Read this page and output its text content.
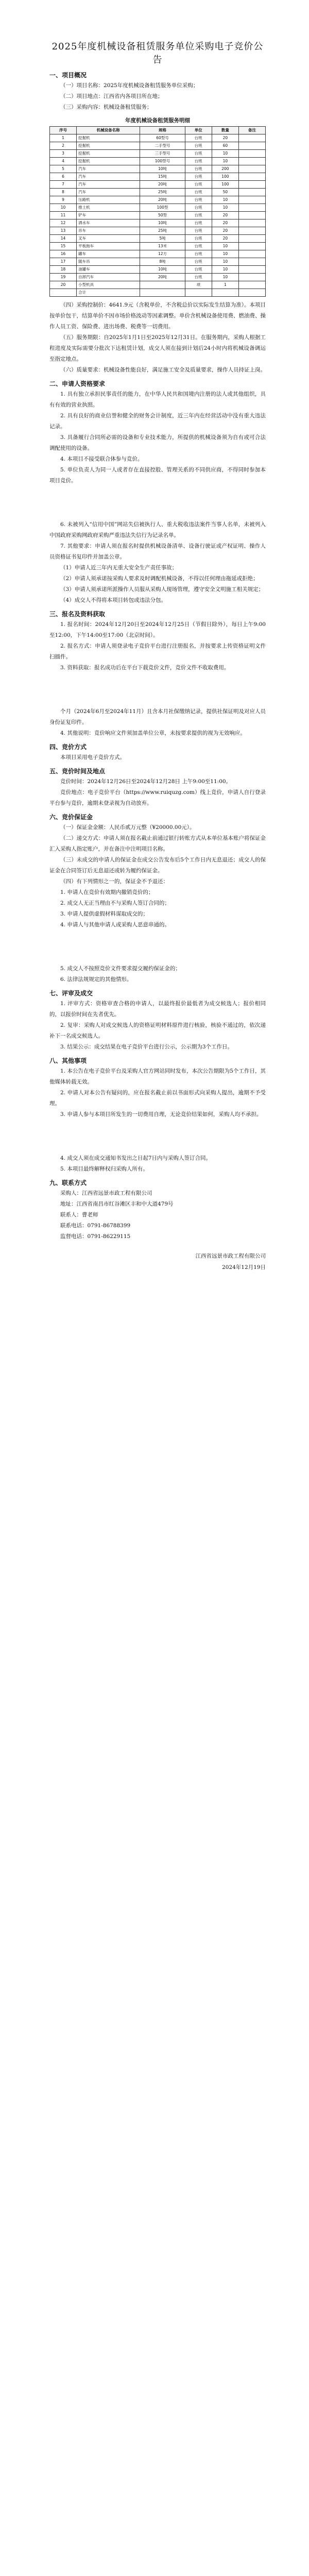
2025年度机械设备租赁服务单位采购电子竞价公告

一、项目概况

（一）项目名称：2025年度机械设备租赁服务单位采购；

（二）项目地点：江西省内各项目所在地；

（三）采购内容：机械设备租赁服务；

年度机械设备租赁服务明细
序号	机械设备名称	规格	单位	数量	备注
1	挖掘机	60型号	台班	20	
2	挖掘机	二手型号	台班	60	
3	挖掘机	三手型号	台班	10	
4	挖掘机	100型号	台班	10	
5	汽车	10吨	台班	200	
6	汽车	15吨	台班	100	
7	汽车	20吨	台班	100	
8	汽车	25吨	台班	50	
9	压路机	20吨	台班	10	
10	推土机	100型	台班	10	
11	铲车	50型	台班	20	
12	洒水车	10吨	台班	20	
13	吊车	25吨	台班	20	
14	叉车	5吨	台班	20	
15	平板拖车	13米	台班	10	
16	罐车	12方	台班	10	
17	随车吊	8吨	台班	10	
18	油罐车	10吨	台班	10	
19	自卸汽车	20吨	台班	10	
20	小型机具		项	1	
	合计				

（四）采购控制价：4641.9元（含税单价，不含税总价以实际发生结算为准）。本项目按单价包干，结算单价不因市场价格波动等因素调整。单价含机械设备使用费、燃油费、操作人员工资、保险费、进出场费、税费等一切费用。

（五）服务期限：自2025年1月1日至2025年12月31日。在服务期内，采购人根据工程进度及实际需要分批次下达租赁计划，成交人须在接到计划后24小时内将机械设备调运至指定地点。

（六）质量要求：机械设备性能良好，满足施工安全及质量要求，操作人员持证上岗。

二、申请人资格要求

1. 具有独立承担民事责任的能力，在中华人民共和国境内注册的法人或其他组织，具有有效的营业执照。

2. 具有良好的商业信誉和健全的财务会计制度，近三年内在经营活动中没有重大违法记录。

3. 具备履行合同所必需的设备和专业技术能力，所提供的机械设备须为自有或可合法调配使用的设备。

4. 本项目不接受联合体参与竞价。

5. 单位负责人为同一人或者存在直接控股、管理关系的不同供应商，不得同时参加本项目竞价。

6. 未被列入“信用中国”网站失信被执行人、重大税收违法案件当事人名单，未被列入中国政府采购网政府采购严重违法失信行为记录名单。

7. 其他要求：申请人须在报名时提供机械设备清单、设备行驶证或产权证明、操作人员资格证书复印件并加盖公章。

（1）申请人近三年内无重大安全生产责任事故；

（2）申请人须承诺按采购人要求及时调配机械设备，不得以任何理由拖延或拒绝；

（3）申请人须承诺所派操作人员服从采购人现场管理，遵守安全文明施工相关规定；

（4）成交人不得将本项目转包或违法分包。

三、报名及资料获取

1. 报名时间：2024年12月20日至2024年12月25日（节假日除外），每日上午9:00至12:00，下午14:00至17:00（北京时间）。

2. 报名方式：申请人须登录电子竞价平台进行注册报名，并按要求上传资格证明文件扫描件。

3. 资料获取：报名成功后在平台下载竞价文件，竞价文件不收取费用。

个月（2024年6月至2024年11月）且含本月社保缴纳记录，提供社保证明及对应人员身份证复印件。

4. 其他说明：竞价响应文件须加盖单位公章，未按要求提供的视为无效响应。

四、竞价方式

本项目采用电子竞价方式。

五、竞价时间及地点

竞价时间：2024年12月26日至2024年12月28日 上午9:00至11:00。

竞价地点：电子竞价平台（https://www.ruiquzg.com）线上竞价，申请人自行登录平台参与竞价，逾期未登录视为自动放弃。

六、竞价保证金

（一）保证金金额：人民币贰万元整（¥20000.00元）。

（二）递交方式：申请人须在报名截止前通过银行转账方式从本单位基本账户将保证金汇入采购人指定账户，并在备注中注明项目名称。

（三）未成交的申请人的保证金在成交公告发布后5个工作日内无息退还；成交人的保证金在合同签订后无息退还或转为履约保证金。

（四）有下列情形之一的，保证金不予退还：

1. 申请人在竞价有效期内撤销竞价的；

2. 成交人无正当理由不与采购人签订合同的；

3. 申请人提供虚假材料谋取成交的；

4. 申请人与其他申请人或采购人恶意串通的。

5. 成交人不按照竞价文件要求提交履约保证金的；

6. 法律法规规定的其他情形。

七、评审及成交

1. 评审方式：资格审查合格的申请人，以最终报价最低者为成交候选人；报价相同的，以报价时间在先者优先。

2. 复审：采购人对成交候选人的资格证明材料原件进行核验，核验不通过的，依次递补下一名成交候选人。

3. 结果公示：成交结果在电子竞价平台进行公示，公示期为3个工作日。

八、其他事项

1. 本公告在电子竞价平台及采购人官方网站同时发布，本次公告期限为5个工作日，其他媒体转载无效。

2. 申请人对本公告有疑问的，应在报名截止前以书面形式向采购人提出，逾期不予受理。

3. 申请人参与本项目所发生的一切费用自理，无论竞价结果如何，采购人均不承担。

4. 成交人须在成交通知书发出之日起7日内与采购人签订合同。

5. 本项目最终解释权归采购人所有。

九、联系方式

采购人：江西省远景市政工程有限公司

地址：江西省南昌市红谷滩区丰和中大道479号

联系人：曹老师

联系电话：0791-86788399

监督电话：0791-86229115

江西省远景市政工程有限公司

2024年12月19日
